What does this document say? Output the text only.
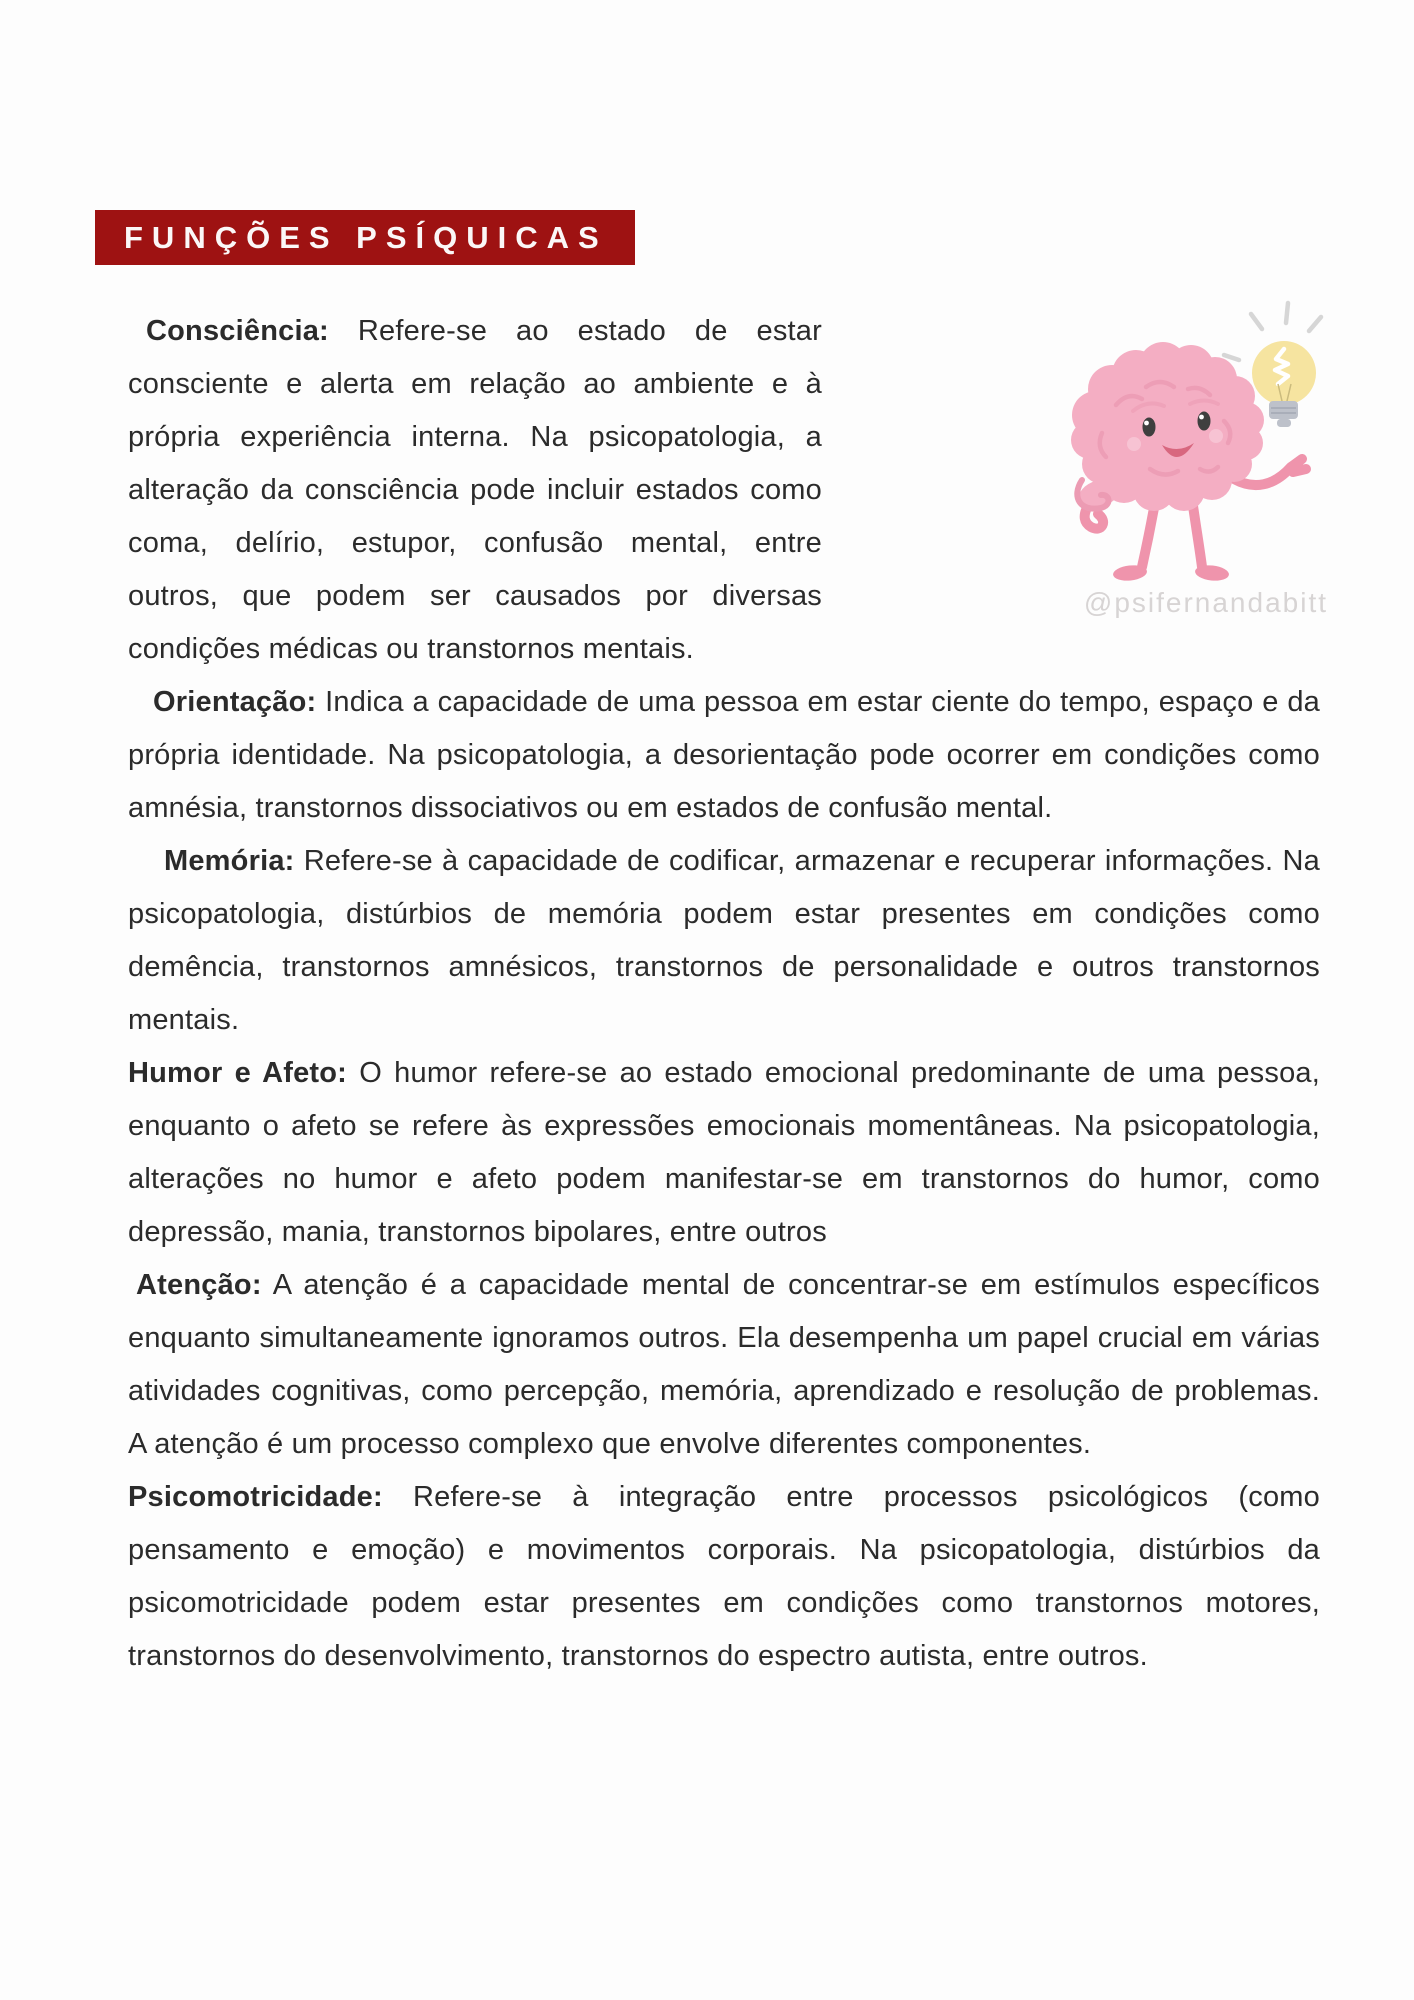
FUNÇÕES PSÍQUICAS
@psifernandabitt

Consciência: Refere-se ao estado de estar consciente e alerta em relação ao ambiente e à própria experiência interna. Na psicopatologia, a alteração da consciência pode incluir estados como coma, delírio, estupor, confusão mental, entre outros, que podem ser causados por diversas condições médicas ou transtornos mentais.

Orientação: Indica a capacidade de uma pessoa em estar ciente do tempo, espaço e da própria identidade. Na psicopatologia, a desorientação pode ocorrer em condições como amnésia, transtornos dissociativos ou em estados de confusão mental.

Memória: Refere-se à capacidade de codificar, armazenar e recuperar informações. Na psicopatologia, distúrbios de memória podem estar presentes em condições como demência, transtornos amnésicos, transtornos de personalidade e outros transtornos mentais.

Humor e Afeto: O humor refere-se ao estado emocional predominante de uma pessoa, enquanto o afeto se refere às expressões emocionais momentâneas. Na psicopatologia, alterações no humor e afeto podem manifestar-se em transtornos do humor, como depressão, mania, transtornos bipolares, entre outros

Atenção: A atenção é a capacidade mental de concentrar-se em estímulos específicos enquanto simultaneamente ignoramos outros. Ela desempenha um papel crucial em várias atividades cognitivas, como percepção, memória, aprendizado e resolução de problemas. A atenção é um processo complexo que envolve diferentes componentes.

Psicomotricidade: Refere-se à integração entre processos psicológicos (como pensamento e emoção) e movimentos corporais. Na psicopatologia, distúrbios da psicomotricidade podem estar presentes em condições como transtornos motores, transtornos do desenvolvimento, transtornos do espectro autista, entre outros.
